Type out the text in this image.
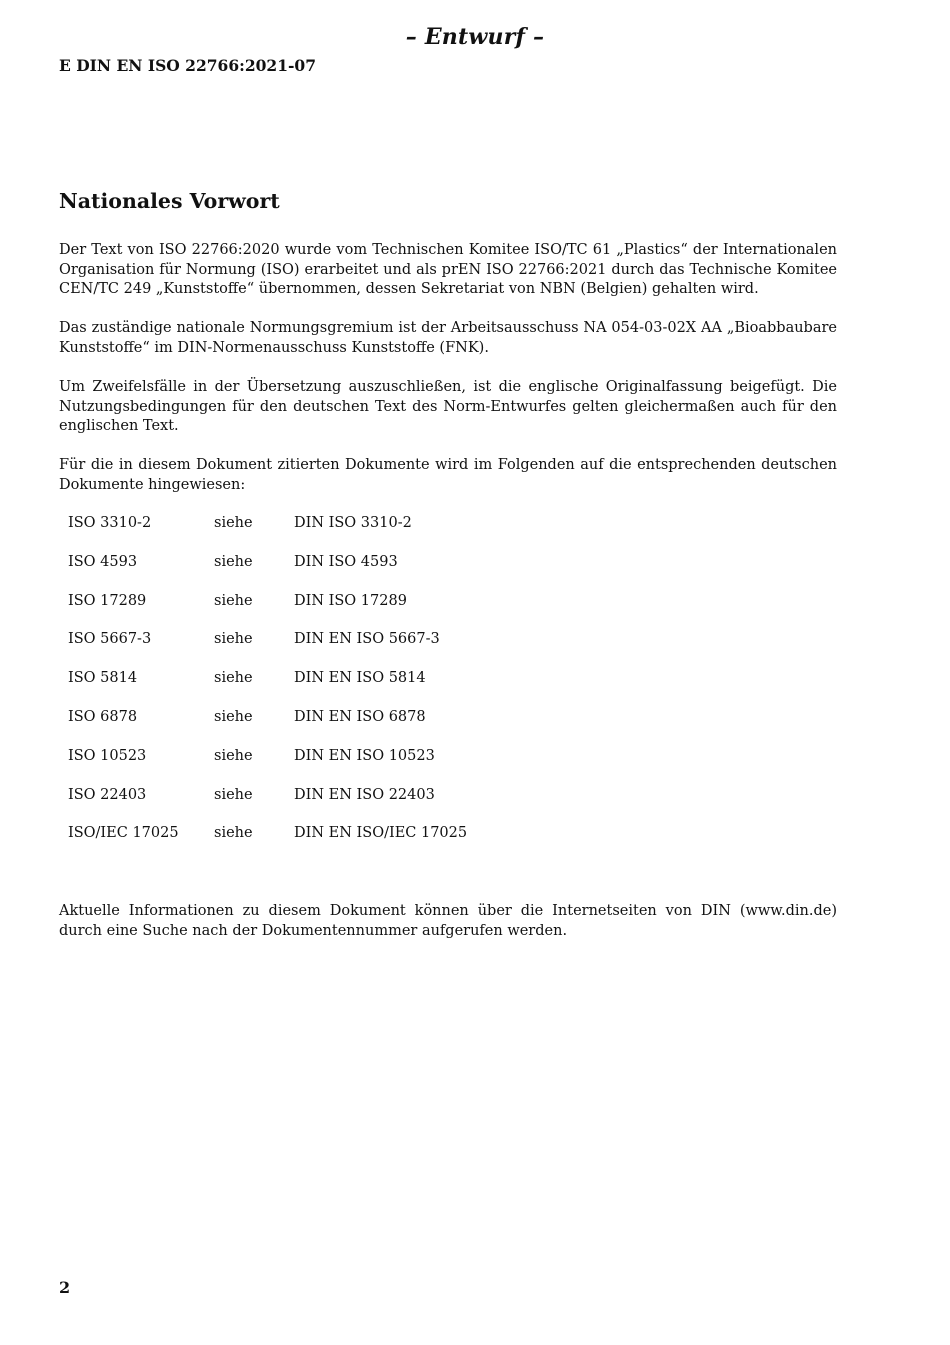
– Entwurf –
E DIN EN ISO 22766:2021-07
Nationales Vorwort

Der Text von ISO 22766:2020 wurde vom Technischen Komitee ISO/TC 61 „Plastics“ der Internationalen Organisation für Normung (ISO) erarbeitet und als prEN ISO 22766:2021 durch das Technische Komitee CEN/TC 249 „Kunststoffe“ übernommen, dessen Sekretariat von NBN (Belgien) gehalten wird.

Das zuständige nationale Normungsgremium ist der Arbeitsausschuss NA 054-03-02X AA „Bioabbaubare Kunststoffe“ im DIN-Normenausschuss Kunststoffe (FNK).

Um Zweifelsfälle in der Übersetzung auszuschließen, ist die englische Originalfassung beigefügt. Die Nutzungsbedingungen für den deutschen Text des Norm-Entwurfes gelten gleichermaßen auch für den englischen Text.

Für die in diesem Dokument zitierten Dokumente wird im Folgenden auf die entsprechenden deutschen Dokumente hingewiesen:

ISO 3310-2	siehe	DIN ISO 3310-2
ISO 4593	siehe	DIN ISO 4593
ISO 17289	siehe	DIN ISO 17289
ISO 5667-3	siehe	DIN EN ISO 5667-3
ISO 5814	siehe	DIN EN ISO 5814
ISO 6878	siehe	DIN EN ISO 6878
ISO 10523	siehe	DIN EN ISO 10523
ISO 22403	siehe	DIN EN ISO 22403
ISO/IEC 17025 siehe	DIN EN ISO/IEC 17025

Aktuelle Informationen zu diesem Dokument können über die Internetseiten von DIN (www.din.de) durch eine Suche nach der Dokumentennummer aufgerufen werden.

2
